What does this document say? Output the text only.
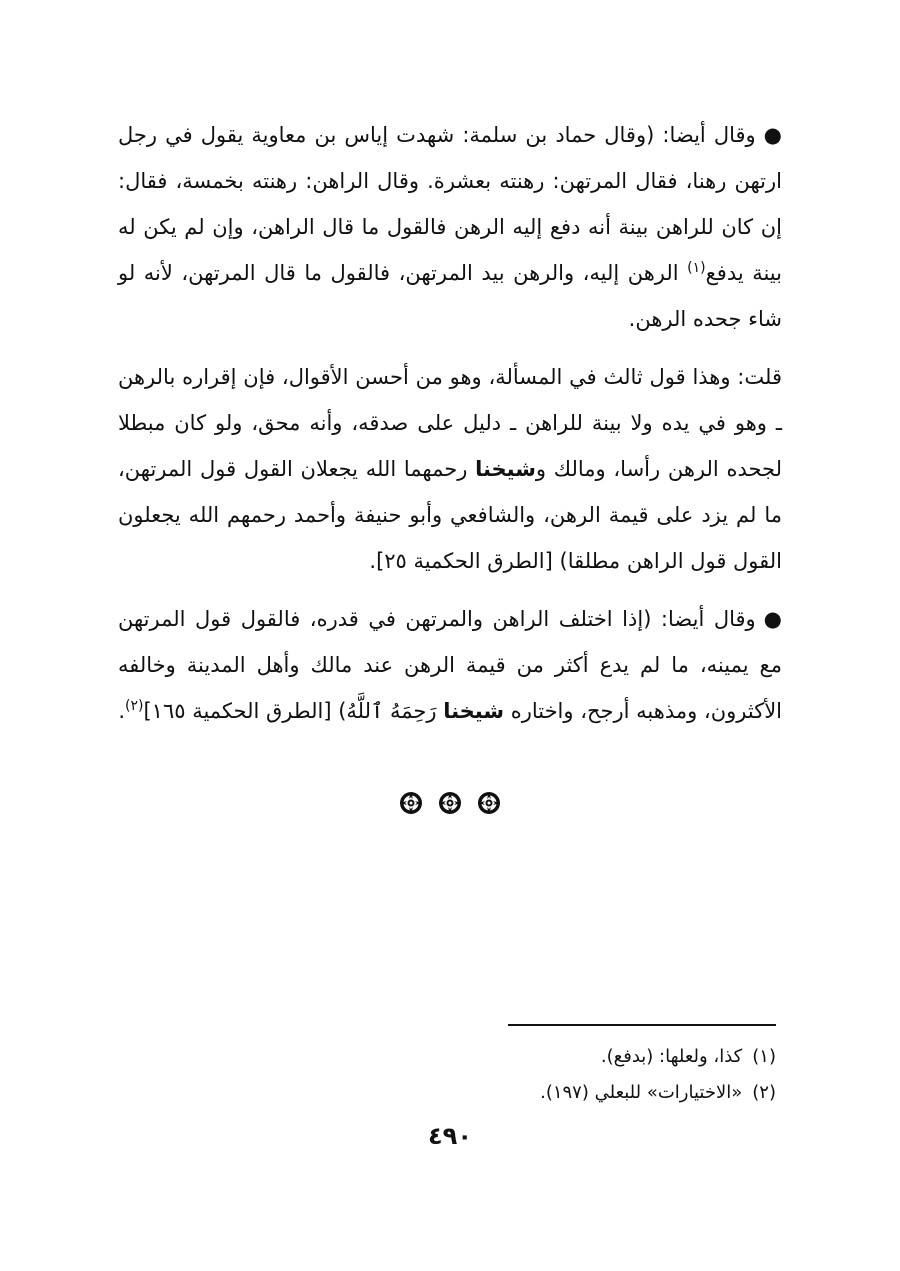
●وقال أيضا: (وقال حماد بن سلمة: شهدت إياس بن معاوية يقول في رجل ارتهن رهنا، فقال المرتهن: رهنته بعشرة. وقال الراهن: رهنته بخمسة، فقال: إن كان للراهن بينة أنه دفع إليه الرهن فالقول ما قال الراهن، وإن لم يكن له بينة يدفع$^{(١)}$ الرهن إليه، والرهن بيد المرتهن، فالقول ما قال المرتهن، لأنه لو شاء جحده الرهن.

قلت: وهذا قول ثالث في المسألة، وهو من أحسن الأقوال، فإن إقراره بالرهن ـ وهو في يده ولا بينة للراهن ـ دليل على صدقه، وأنه محق، ولو كان مبطلا لجحده الرهن رأسا، ومالك وشيخنا رحمهما الله يجعلان القول قول المرتهن، ما لم يزد على قيمة الرهن، والشافعي وأبو حنيفة وأحمد رحمهم الله يجعلون القول قول الراهن مطلقا) [الطرق الحكمية ٢٥].

●وقال أيضا: (إذا اختلف الراهن والمرتهن في قدره، فالقول قول المرتهن مع يمينه، ما لم يدع أكثر من قيمة الرهن عند مالك وأهل المدينة وخالفه الأكثرون، ومذهبه أرجح، واختاره شيخنا رَحِمَهُ ٱللَّهُ) [الطرق الحكمية ١٦٥]$^{(٢)}$.

(١)كذا، ولعلها: (بدفع).

(٢)«الاختيارات» للبعلي (١٩٧).

٤٩٠
